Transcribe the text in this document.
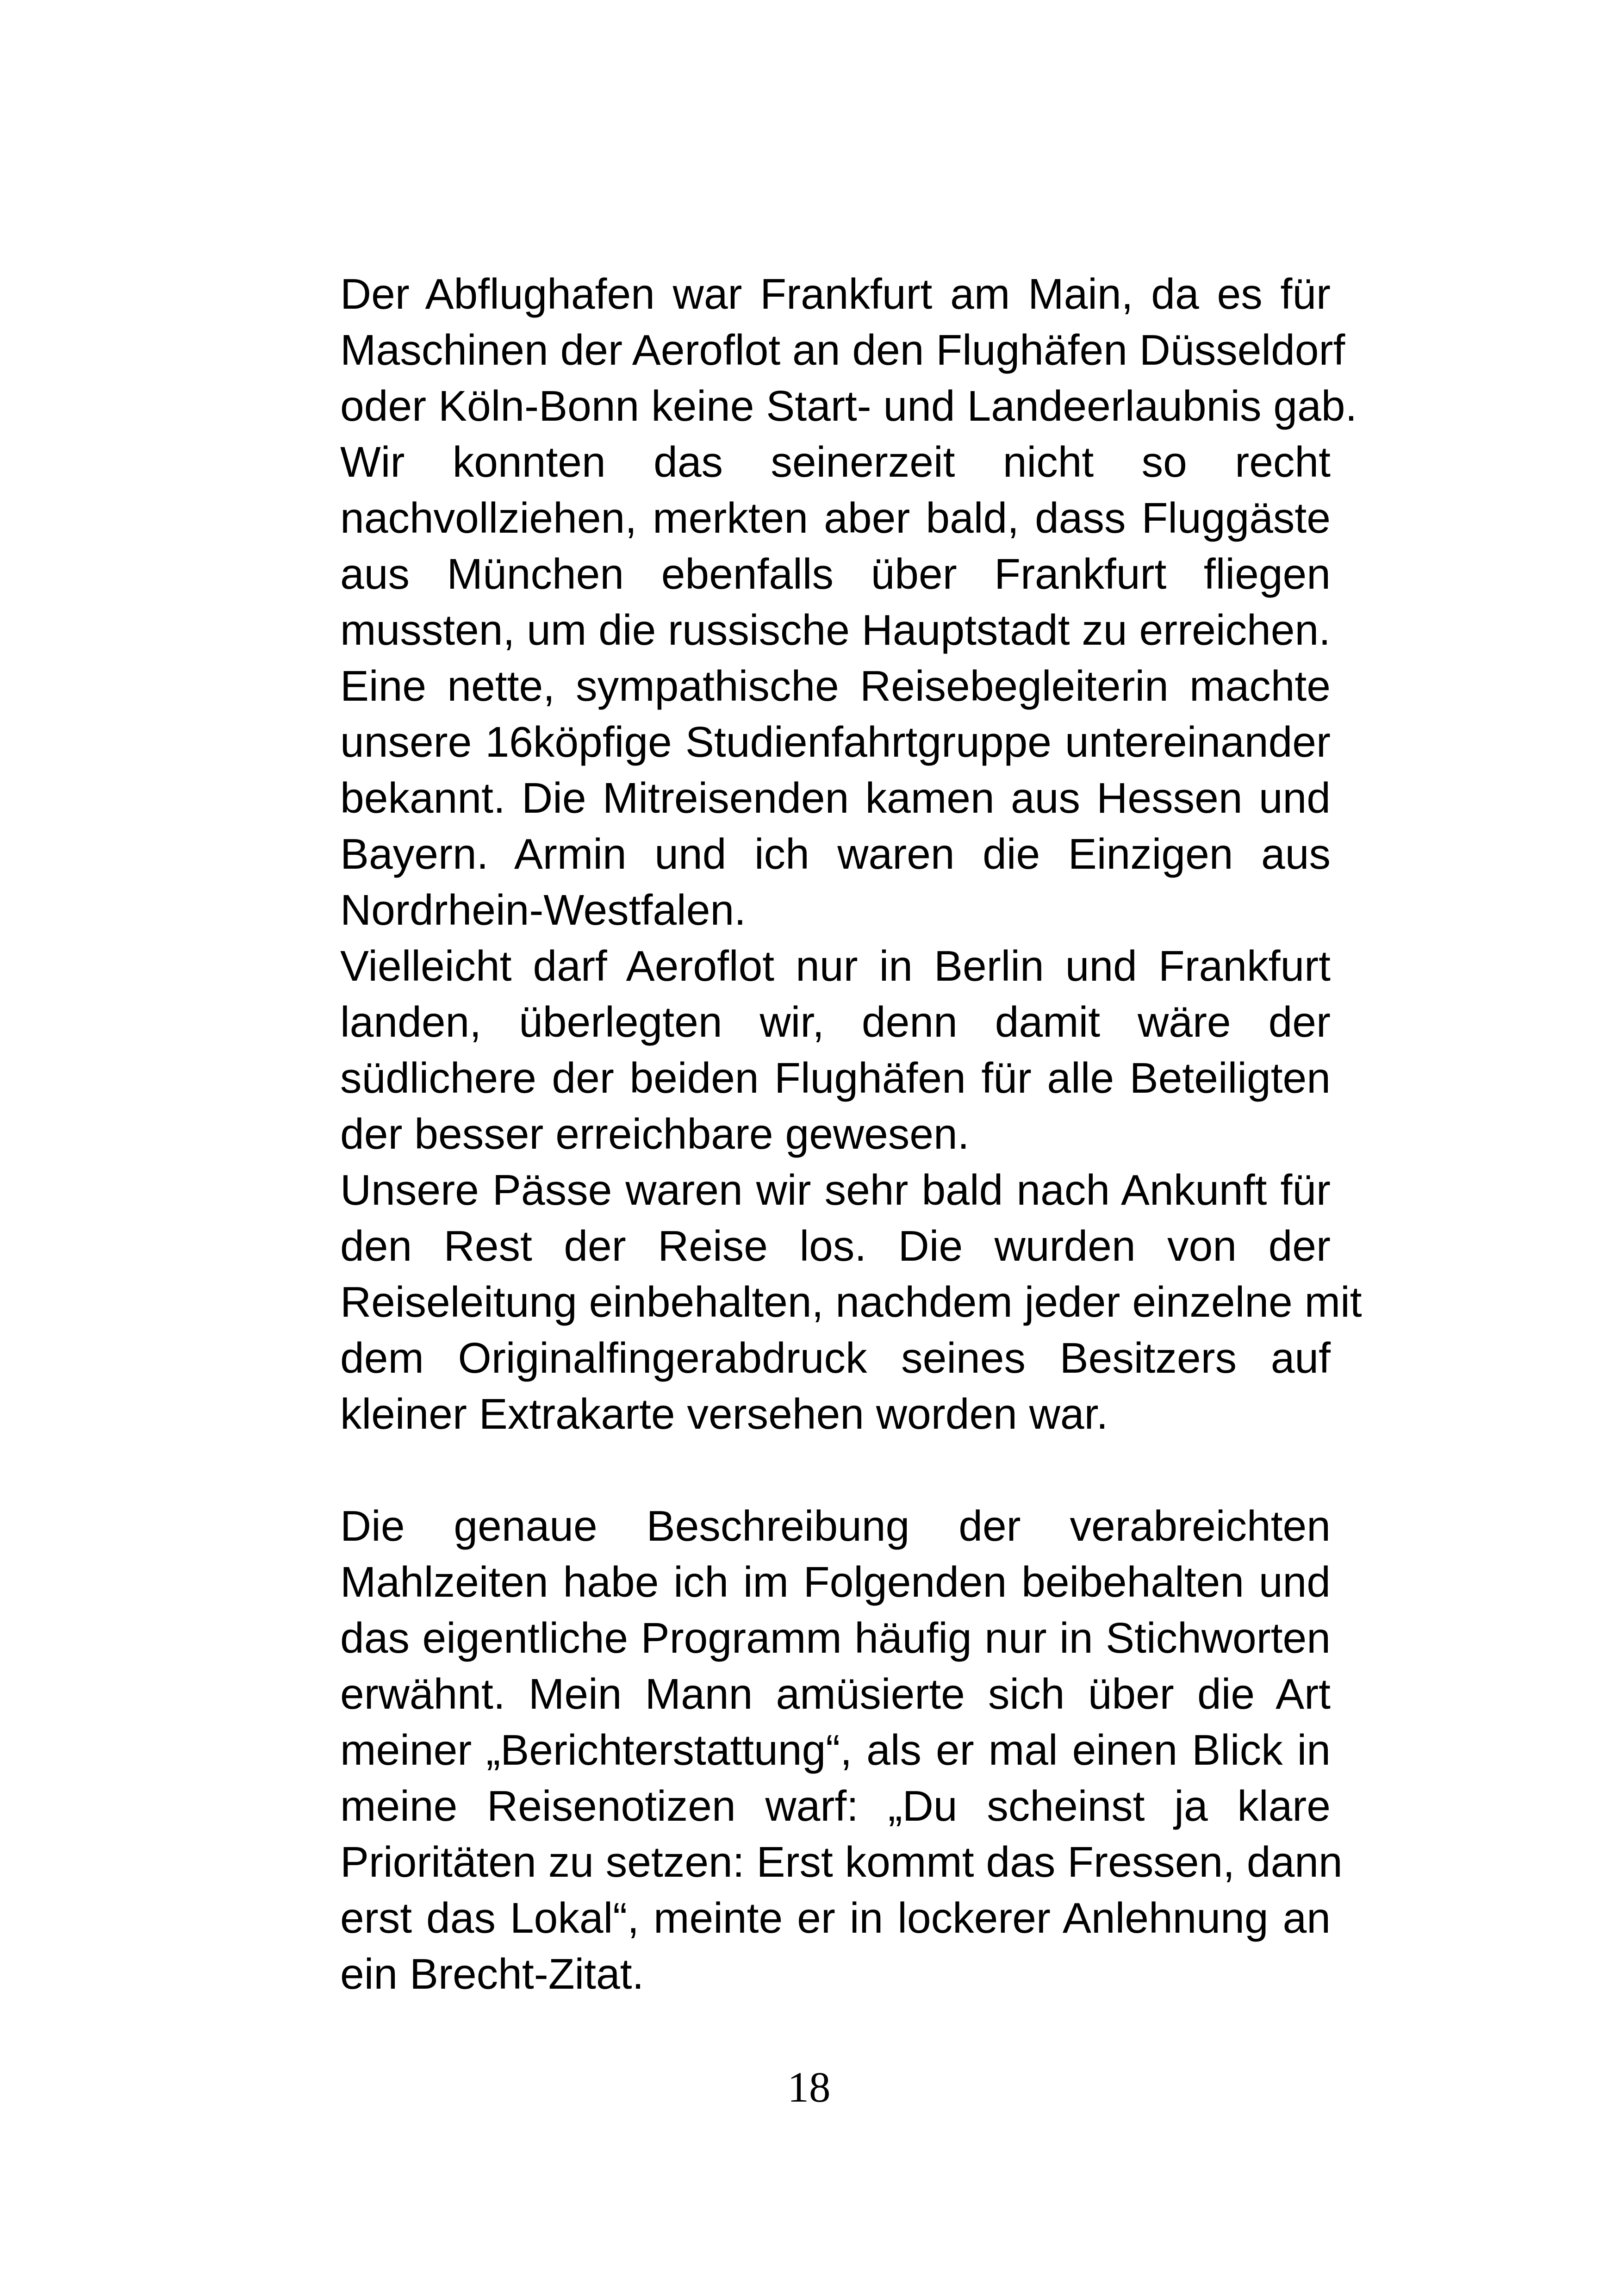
Der Abflughafen war Frankfurt am Main, da es für
Maschinen der Aeroflot an den Flughäfen Düsseldorf
oder Köln-Bonn keine Start- und Landeerlaubnis gab.
Wir konnten das seinerzeit nicht so recht
nachvollziehen, merkten aber bald, dass Fluggäste
aus München ebenfalls über Frankfurt fliegen
mussten, um die russische Hauptstadt zu erreichen.
Eine nette, sympathische Reisebegleiterin machte
unsere 16köpfige Studienfahrtgruppe untereinander
bekannt. Die Mitreisenden kamen aus Hessen und
Bayern. Armin und ich waren die Einzigen aus
Nordrhein-Westfalen.
Vielleicht darf Aeroflot nur in Berlin und Frankfurt
landen, überlegten wir, denn damit wäre der
südlichere der beiden Flughäfen für alle Beteiligten
der besser erreichbare gewesen.
Unsere Pässe waren wir sehr bald nach Ankunft für
den Rest der Reise los. Die wurden von der
Reiseleitung einbehalten, nachdem jeder einzelne mit
dem Originalfingerabdruck seines Besitzers auf
kleiner Extrakarte versehen worden war.
Die genaue Beschreibung der verabreichten
Mahlzeiten habe ich im Folgenden beibehalten und
das eigentliche Programm häufig nur in Stichworten
erwähnt. Mein Mann amüsierte sich über die Art
meiner „Berichterstattung“, als er mal einen Blick in
meine Reisenotizen warf: „Du scheinst ja klare
Prioritäten zu setzen: Erst kommt das Fressen, dann
erst das Lokal“, meinte er in lockerer Anlehnung an
ein Brecht-Zitat.
18
